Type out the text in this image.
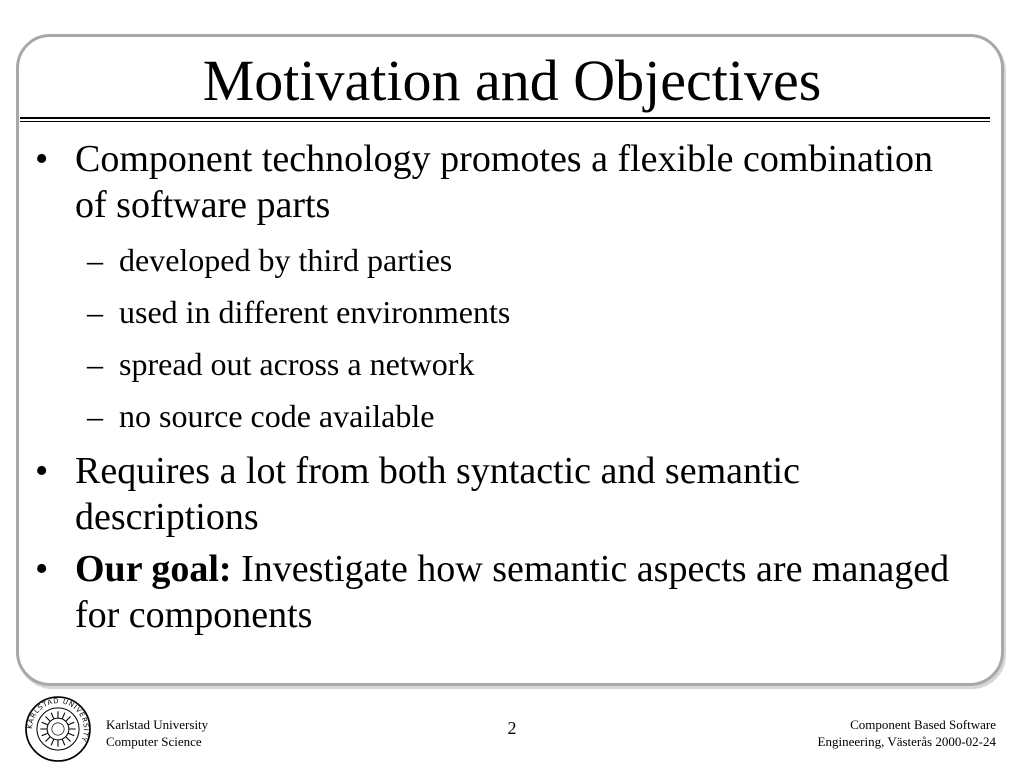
Motivation and Objectives
• Component technology promotes a flexible combination of software parts
– developed by third parties
– used in different environments
– spread out across a network
– no source code available
• Requires a lot from both syntactic and semantic descriptions
• Our goal: Investigate how semantic aspects are managed for components
KARLSTAD UNIVERSITY
Karlstad University
Computer Science
2	Component Based Software
Engineering, Västerås 2000-02-24
